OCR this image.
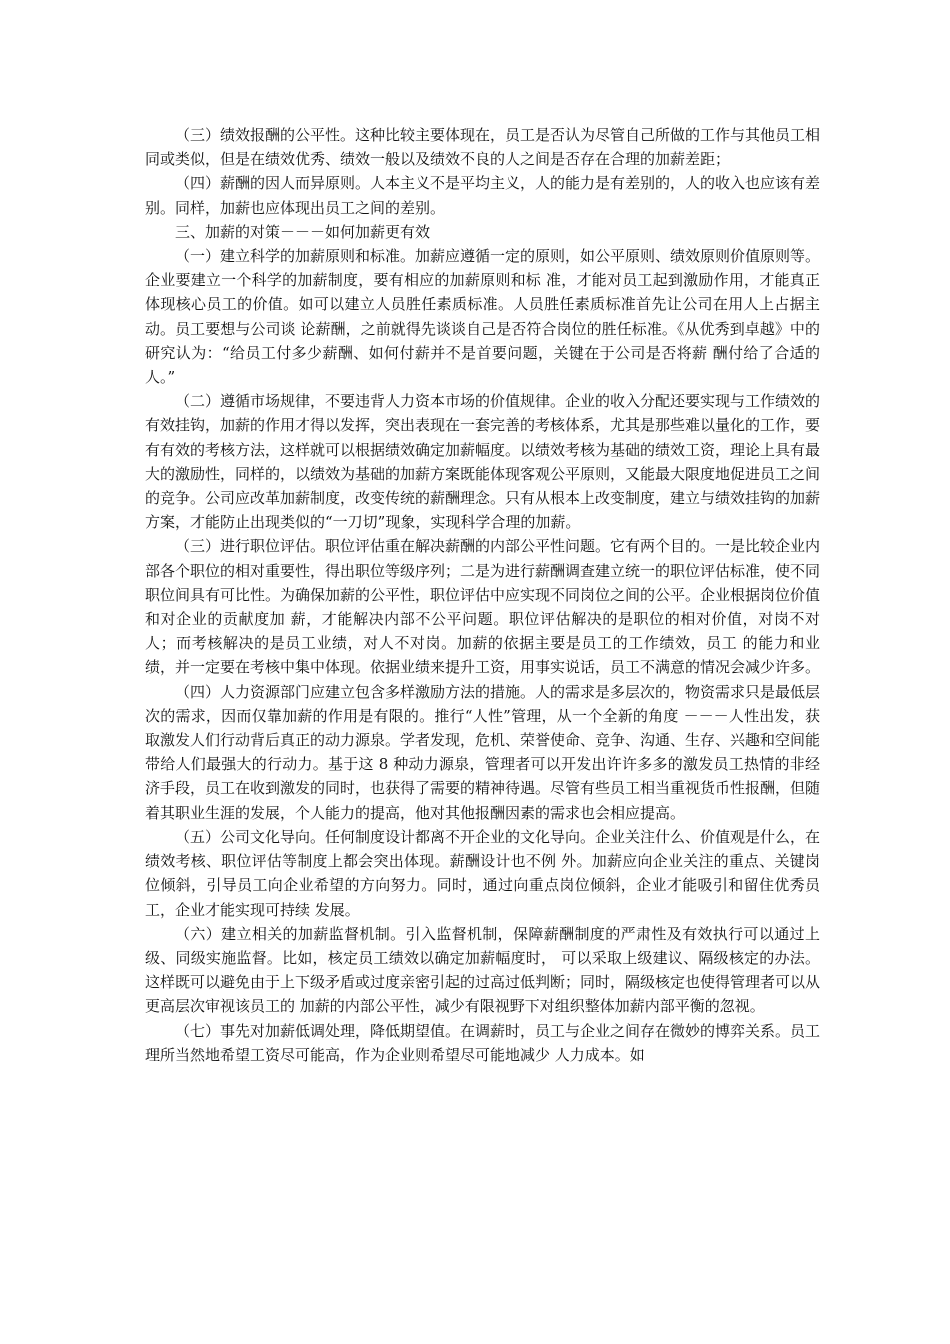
（三）绩效报酬的公平性。这种比较主要体现在，员工是否认为尽管自己所做的工作与其他员工相同或类似，但是在绩效优秀、绩效一般以及绩效不良的人之间是否存在合理的加薪差距；

（四）薪酬的因人而异原则。人本主义不是平均主义，人的能力是有差别的，人的收入也应该有差别。同样，加薪也应体现出员工之间的差别。

三、加薪的对策－－－如何加薪更有效

（一）建立科学的加薪原则和标准。加薪应遵循一定的原则，如公平原则、绩效原则价值原则等。企业要建立一个科学的加薪制度，要有相应的加薪原则和标 准，才能对员工起到激励作用，才能真正体现核心员工的价值。如可以建立人员胜任素质标准。人员胜任素质标准首先让公司在用人上占据主动。员工要想与公司谈 论薪酬，之前就得先谈谈自己是否符合岗位的胜任标准。《从优秀到卓越》中的研究认为：“给员工付多少薪酬、如何付薪并不是首要问题，关键在于公司是否将薪 酬付给了合适的人。”

（二）遵循市场规律，不要违背人力资本市场的价值规律。企业的收入分配还要实现与工作绩效的有效挂钩，加薪的作用才得以发挥，突出表现在一套完善的考核体系，尤其是那些难以量化的工作，要有有效的考核方法，这样就可以根据绩效确定加薪幅度。以绩效考核为基础的绩效工资，理论上具有最大的激励性，同样的，以绩效为基础的加薪方案既能体现客观公平原则，又能最大限度地促进员工之间的竞争。公司应改革加薪制度，改变传统的薪酬理念。只有从根本上改变制度，建立与绩效挂钩的加薪方案，才能防止出现类似的“一刀切”现象，实现科学合理的加薪。

（三）进行职位评估。职位评估重在解决薪酬的内部公平性问题。它有两个目的。一是比较企业内部各个职位的相对重要性，得出职位等级序列；二是为进行薪酬调查建立统一的职位评估标准，使不同职位间具有可比性。为确保加薪的公平性，职位评估中应实现不同岗位之间的公平。企业根据岗位价值和对企业的贡献度加 薪，才能解决内部不公平问题。职位评估解决的是职位的相对价值，对岗不对人；而考核解决的是员工业绩，对人不对岗。加薪的依据主要是员工的工作绩效，员工 的能力和业绩，并一定要在考核中集中体现。依据业绩来提升工资，用事实说话，员工不满意的情况会减少许多。

（四）人力资源部门应建立包含多样激励方法的措施。人的需求是多层次的，物资需求只是最低层次的需求，因而仅靠加薪的作用是有限的。推行“人性”管理，从一个全新的角度 －－－人性出发，获取激发人们行动背后真正的动力源泉。学者发现，危机、荣誉使命、竞争、沟通、生存、兴趣和空间能带给人们最强大的行动力。基于这 8 种动力源泉，管理者可以开发出许许多多的激发员工热情的非经济手段，员工在收到激发的同时，也获得了需要的精神待遇。尽管有些员工相当重视货币性报酬，但随着其职业生涯的发展，个人能力的提高，他对其他报酬因素的需求也会相应提高。

（五）公司文化导向。任何制度设计都离不开企业的文化导向。企业关注什么、价值观是什么，在绩效考核、职位评估等制度上都会突出体现。薪酬设计也不例 外。加薪应向企业关注的重点、关键岗位倾斜，引导员工向企业希望的方向努力。同时，通过向重点岗位倾斜，企业才能吸引和留住优秀员工，企业才能实现可持续 发展。

（六）建立相关的加薪监督机制。引入监督机制，保障薪酬制度的严肃性及有效执行可以通过上级、同级实施监督。比如，核定员工绩效以确定加薪幅度时， 可以采取上级建议、隔级核定的办法。这样既可以避免由于上下级矛盾或过度亲密引起的过高过低判断；同时，隔级核定也使得管理者可以从更高层次审视该员工的 加薪的内部公平性，减少有限视野下对组织整体加薪内部平衡的忽视。

（七）事先对加薪低调处理，降低期望值。在调薪时，员工与企业之间存在微妙的博弈关系。员工理所当然地希望工资尽可能高，作为企业则希望尽可能地减少 人力成本。如
